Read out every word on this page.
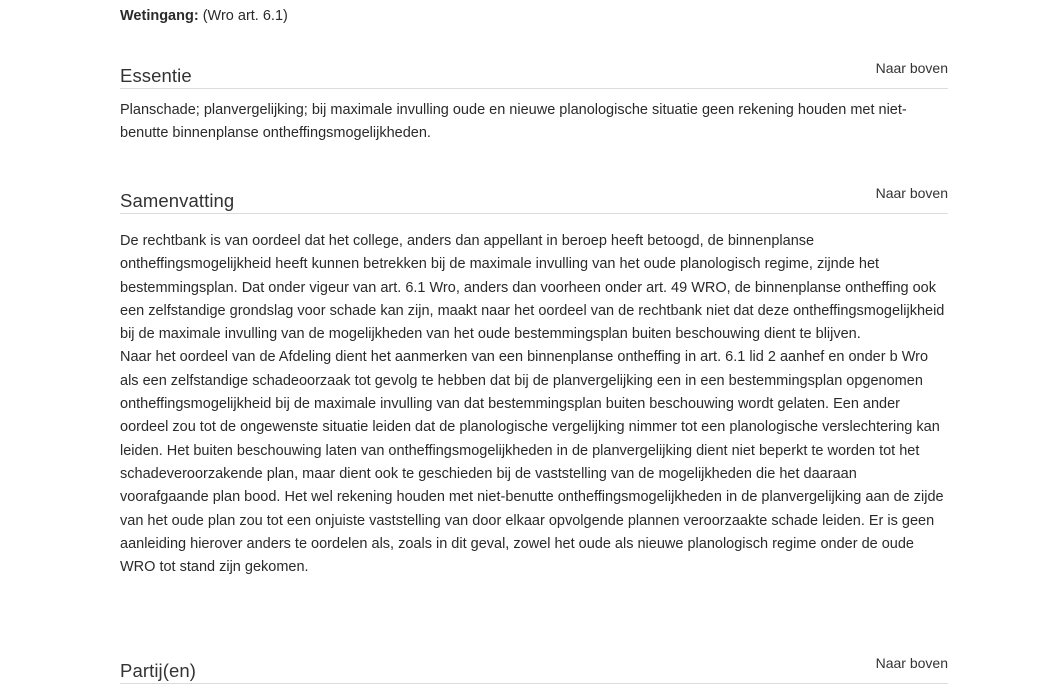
Wetingang: (Wro art. 6.1)
Essentie	Naar boven

Planschade; planvergelijking; bij maximale invulling oude en nieuwe planologische situatie geen rekening houden met niet-benutte binnenplanse ontheffingsmogelijkheden.

Samenvatting	Naar boven

De rechtbank is van oordeel dat het college, anders dan appellant in beroep heeft betoogd, de binnenplanse ontheffingsmogelijkheid heeft kunnen betrekken bij de maximale invulling van het oude planologisch regime, zijnde het bestemmingsplan. Dat onder vigeur van art. 6.1 Wro, anders dan voorheen onder art. 49 WRO, de binnenplanse ontheffing ook een zelfstandige grondslag voor schade kan zijn, maakt naar het oordeel van de rechtbank niet dat deze ontheffingsmogelijkheid bij de maximale invulling van de mogelijkheden van het oude bestemmingsplan buiten beschouwing dient te blijven.

Naar het oordeel van de Afdeling dient het aanmerken van een binnenplanse ontheffing in art. 6.1 lid 2 aanhef en onder b Wro als een zelfstandige schadeoorzaak tot gevolg te hebben dat bij de planvergelijking een in een bestemmingsplan opgenomen ontheffingsmogelijkheid bij de maximale invulling van dat bestemmingsplan buiten beschouwing wordt gelaten. Een ander oordeel zou tot de ongewenste situatie leiden dat de planologische vergelijking nimmer tot een planologische verslechtering kan leiden. Het buiten beschouwing laten van ontheffingsmogelijkheden in de planvergelijking dient niet beperkt te worden tot het schadeveroorzakende plan, maar dient ook te geschieden bij de vaststelling van de mogelijkheden die het daaraan voorafgaande plan bood. Het wel rekening houden met niet-benutte ontheffingsmogelijkheden in de planvergelijking aan de zijde van het oude plan zou tot een onjuiste vaststelling van door elkaar opvolgende plannen veroorzaakte schade leiden. Er is geen aanleiding hierover anders te oordelen als, zoals in dit geval, zowel het oude als nieuwe planologisch regime onder de oude WRO tot stand zijn gekomen.

Partij(en)	Naar boven
